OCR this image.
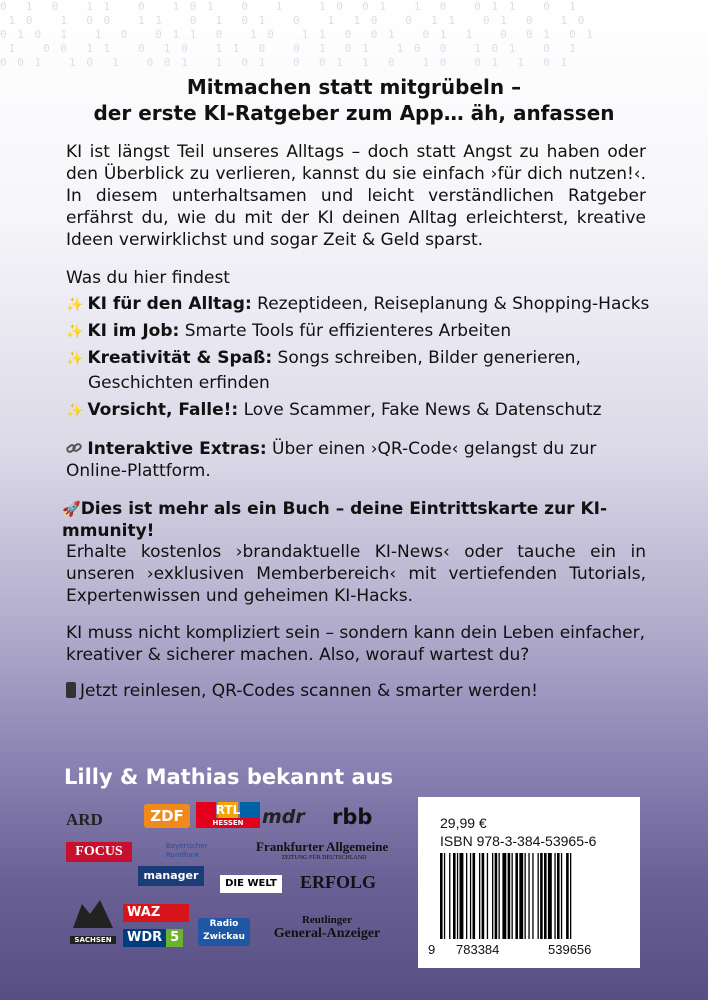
0  1  0   1 1   0   1 0 1   0   1    1 0  0 1   1  0   0 1 1   0  1
1 0   1  0 0   1 1   0  1  0 1   0   1  1 0   0  1 1   0 1  0   1 0
0 1 0  1   1  0   0 1 1  0   1 0   1 1  0  0 1   0 1  1   0  0 1  0 1
1   0 0  1 1   0  1 0   1 1  0   0  1  0 1   1 0  0   1 0 1   0  1
0 0 1   1 0  1   0 0 1   1  0 1   0  0 1  1  0   1 0   0 1  1  0 1
Mitmachen statt mitgrübeln –
der erste KI-Ratgeber zum App… äh, anfassen
KI ist längst Teil unseres Alltags – doch statt Angst zu haben oder den Überblick zu verlieren, kannst du sie einfach ›für dich nutzen!‹. In diesem unterhaltsamen und leicht verständlichen Ratgeber erfährst du, wie du mit der KI deinen Alltag erleichterst, kreative Ideen verwirklichst und sogar Zeit & Geld sparst.
Was du hier findest
✨ KI für den Alltag: Rezeptideen, Reiseplanung & Shopping-Hacks
✨ KI im Job: Smarte Tools für effizienteres Arbeiten
✨ Kreativität & Spaß: Songs schreiben, Bilder generieren,
Geschichten erfinden
✨ Vorsicht, Falle!: Love Scammer, Fake News & Datenschutz
Interaktive Extras: Über einen ›QR-Code‹ gelangst du zur Online-Plattform.
🚀Dies ist mehr als ein Buch – deine Eintrittskarte zur KI-mmunity!
Erhalte kostenlos ›brandaktuelle KI-News‹ oder tauche ein in unseren ›exklusiven Memberbereich‹ mit vertiefenden Tutorials, Expertenwissen und geheimen KI-Hacks.
KI muss nicht kompliziert sein – sondern kann dein Leben einfacher, kreativer & sicherer machen. Also, worauf wartest du?
Jetzt reinlesen, QR-Codes scannen & smarter werden!
Lilly & Mathias bekannt aus
ARD	ZDF	RTL
HESSEN mdr rbb
FOCUS	Bayerischer Rundfunk
Frankfurter Allgemeine
ZEITUNG FÜR DEUTSCHLAND
manager
DIE WELT ERFOLG
SACHSEN
WAZ
WDR 5
Radio Zwickau
Reutlinger
General-Anzeiger
29,99 €
ISBN 978-3-384-53965-6
9 783384	539656
